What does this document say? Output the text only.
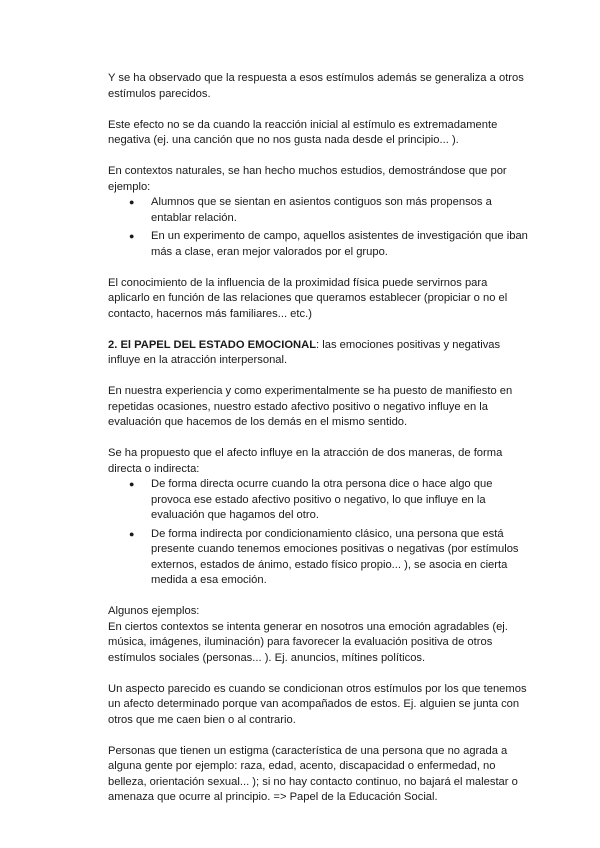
Y se ha observado que la respuesta a esos estímulos además se generaliza a otros estímulos parecidos.

Este efecto no se da cuando la reacción inicial al estímulo es extremadamente negativa (ej. una canción que no nos gusta nada desde el principio... ).

En contextos naturales, se han hecho muchos estudios, demostrándose que por ejemplo:

● Alumnos que se sientan en asientos contiguos son más propensos a entablar relación.
● En un experimento de campo, aquellos asistentes de investigación que iban más a clase, eran mejor valorados por el grupo.

El conocimiento de la influencia de la proximidad física puede servirnos para aplicarlo en función de las relaciones que queramos establecer (propiciar o no el contacto, hacernos más familiares... etc.)

2. El PAPEL DEL ESTADO EMOCIONAL: las emociones positivas y negativas influye en la atracción interpersonal.

En nuestra experiencia y como experimentalmente se ha puesto de manifiesto en repetidas ocasiones, nuestro estado afectivo positivo o negativo influye en la evaluación que hacemos de los demás en el mismo sentido.

Se ha propuesto que el afecto influye en la atracción de dos maneras, de forma directa o indirecta:

● De forma directa ocurre cuando la otra persona dice o hace algo que provoca ese estado afectivo positivo o negativo, lo que influye en la evaluación que hagamos del otro.
● De forma indirecta por condicionamiento clásico, una persona que está presente cuando tenemos emociones positivas o negativas (por estímulos externos, estados de ánimo, estado físico propio... ), se asocia en cierta medida a esa emoción.

Algunos ejemplos:

En ciertos contextos se intenta generar en nosotros una emoción agradables (ej. música, imágenes, iluminación) para favorecer la evaluación positiva de otros estímulos sociales (personas... ). Ej. anuncios, mítines políticos.

Un aspecto parecido es cuando se condicionan otros estímulos por los que tenemos un afecto determinado porque van acompañados de estos. Ej. alguien se junta con otros que me caen bien o al contrario.

Personas que tienen un estigma (característica de una persona que no agrada a alguna gente por ejemplo: raza, edad, acento, discapacidad o enfermedad, no belleza, orientación sexual... ); si no hay contacto continuo, no bajará el malestar o amenaza que ocurre al principio. => Papel de la Educación Social.
